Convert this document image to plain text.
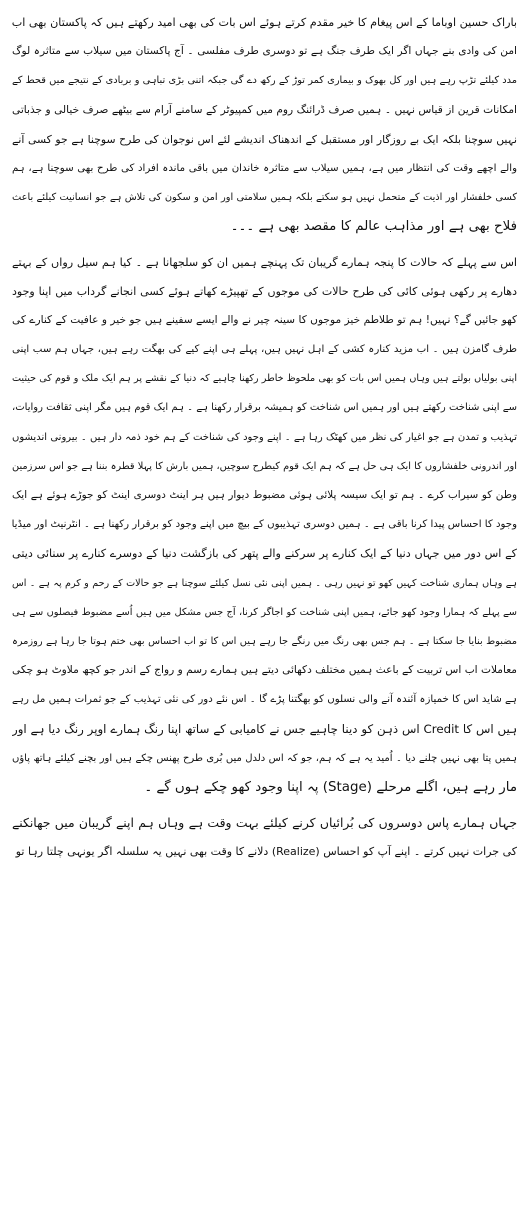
باراک حسین اوباما کے اس پیغام کا خیر مقدم کرتے ہوئے اس بات کی بھی امید رکھتے ہیں کہ پاکستان بھی اب
امن کی وادی بنے جہاں اگر ایک طرف جنگ ہے تو دوسری طرف مفلسی ۔ آج پاکستان میں سیلاب سے متاثرہ لوگ
مدد کیلئے تڑپ رہے ہیں اور کل بھوک و بیماری کمر توڑ کے رکھ دے گی جبکہ اتنی بڑی تباہی و بربادی کے نتیجے میں قحط کے
امکانات قرین از قیاس نہیں ۔ ہمیں صرف ڈرائنگ روم میں کمپیوٹر کے سامنے آرام سے بیٹھے صرف خیالی و جذباتی
نہیں سوچنا بلکہ ایک بے روزگار اور مستقبل کے اندھناک اندیشے لئے اس نوجوان کی طرح سوچنا ہے جو کسی آنے
والے اچھے وقت کی انتظار میں ہے، ہمیں سیلاب سے متاثرہ خاندان میں باقی ماندہ افراد کی طرح بھی سوچنا ہے، ہم
کسی خلفشار اور اذیت کے متحمل نہیں ہو سکتے بلکہ ہمیں سلامتی اور امن و سکون کی تلاش ہے جو انسانیت کیلئے باعث
فلاح بھی ہے اور مذاہب عالم کا مقصد بھی ہے ۔۔۔
اس سے پہلے کہ حالات کا پنجہ ہمارے گریبان تک پہنچے ہمیں ان کو سلجھانا ہے ۔ کیا ہم سیل رواں کے بہتے
دھارے پر رکھی ہوئی کائی کی طرح حالات کی موجوں کے تھپیڑے کھاتے ہوئے کسی انجانے گرداب میں اپنا وجود
کھو جائیں گے؟ نہیں! ہم تو طلاطم خیز موجوں کا سینہ چیر نے والے ایسے سفینے ہیں جو خیر و عافیت کے کنارے کی
طرف گامزن ہیں ۔ اب مزید کنارہ کشی کے اہل نہیں ہیں، پہلے ہی اپنے کیے کی بھگت رہے ہیں، جہاں ہم سب اپنی
اپنی بولیاں بولتے ہیں وہاں ہمیں اس بات کو بھی ملحوظ خاطر رکھنا چاہیے کہ دنیا کے نقشے پر ہم ایک ملک و قوم کی حیثیت
سے اپنی شناخت رکھتے ہیں اور ہمیں اس شناخت کو ہمیشہ برقرار رکھنا ہے ۔ ہم ایک قوم ہیں مگر اپنی ثقافت روایات،
تہذیب و تمدن ہے جو اغیار کی نظر میں کھٹک رہا ہے ۔ اپنے وجود کی شناخت کے ہم خود ذمہ دار ہیں ۔ بیرونی اندیشوں
اور اندرونی خلفشاروں کا ایک ہی حل ہے کہ ہم ایک قوم کیطرح سوچیں، ہمیں بارش کا پہلا قطرہ بننا ہے جو اس سرزمین
وطن کو سیراب کرے ۔ ہم تو ایک سیسہ پلائی ہوئی مضبوط دیوار ہیں ہر اینٹ دوسری اینٹ کو جوڑے ہوئے ہے ایک
وجود کا احساس پیدا کرنا باقی ہے ۔ ہمیں دوسری تہذیبوں کے بیچ میں اپنے وجود کو برقرار رکھنا ہے ۔ انٹرنیٹ اور میڈیا
کے اس دور میں جہاں دنیا کے ایک کنارے پر سرکنے والے پتھر کی بازگشت دنیا کے دوسرے کنارے پر سنائی دیتی
ہے وہاں ہماری شناخت کہیں کھو تو نہیں رہی ۔ ہمیں اپنی نئی نسل کیلئے سوچنا ہے جو حالات کے رحم و کرم پہ ہے ۔ اس
سے پہلے کہ ہمارا وجود کھو جائے، ہمیں اپنی شناخت کو اجاگر کرنا، آج جس مشکل میں ہیں اُسے مضبوط فیصلوں سے ہی
مضبوط بنایا جا سکتا ہے ۔ ہم جس بھی رنگ میں رنگے جا رہے ہیں اس کا تو اب احساس بھی ختم ہوتا جا رہا ہے روزمرہ
معاملات اب اس تربیت کے باعث ہمیں مختلف دکھائی دیتے ہیں ہمارے رسم و رواج کے اندر جو کچھ ملاوٹ ہو چکی
ہے شاید اس کا خمیازہ آئندہ آنے والی نسلوں کو بھگتنا پڑے گا ۔ اس نئے دور کی نئی تہذیب کے جو ثمرات ہمیں مل رہے
ہیں اس کا Credit اس ذہن کو دینا چاہیے جس نے کامیابی کے ساتھ اپنا رنگ ہمارے اوپر رنگ دیا ہے اور
ہمیں پتا بھی نہیں چلنے دیا ۔ اُمید یہ ہے کہ ہم، جو کہ اس دلدل میں بُری طرح پھنس چکے ہیں اور بچنے کیلئے ہاتھ پاؤں
مار رہے ہیں، اگلے مرحلے (Stage) پہ اپنا وجود کھو چکے ہوں گے ۔
جہاں ہمارے پاس دوسروں کی بُرائیاں کرنے کیلئے بہت وقت ہے وہاں ہم اپنے گریبان میں جھانکنے
کی جرات نہیں کرتے ۔ اپنے آپ کو احساس (Realize) دلانے کا وقت بھی نہیں یہ سلسلہ اگر یونہی چلتا رہا تو
